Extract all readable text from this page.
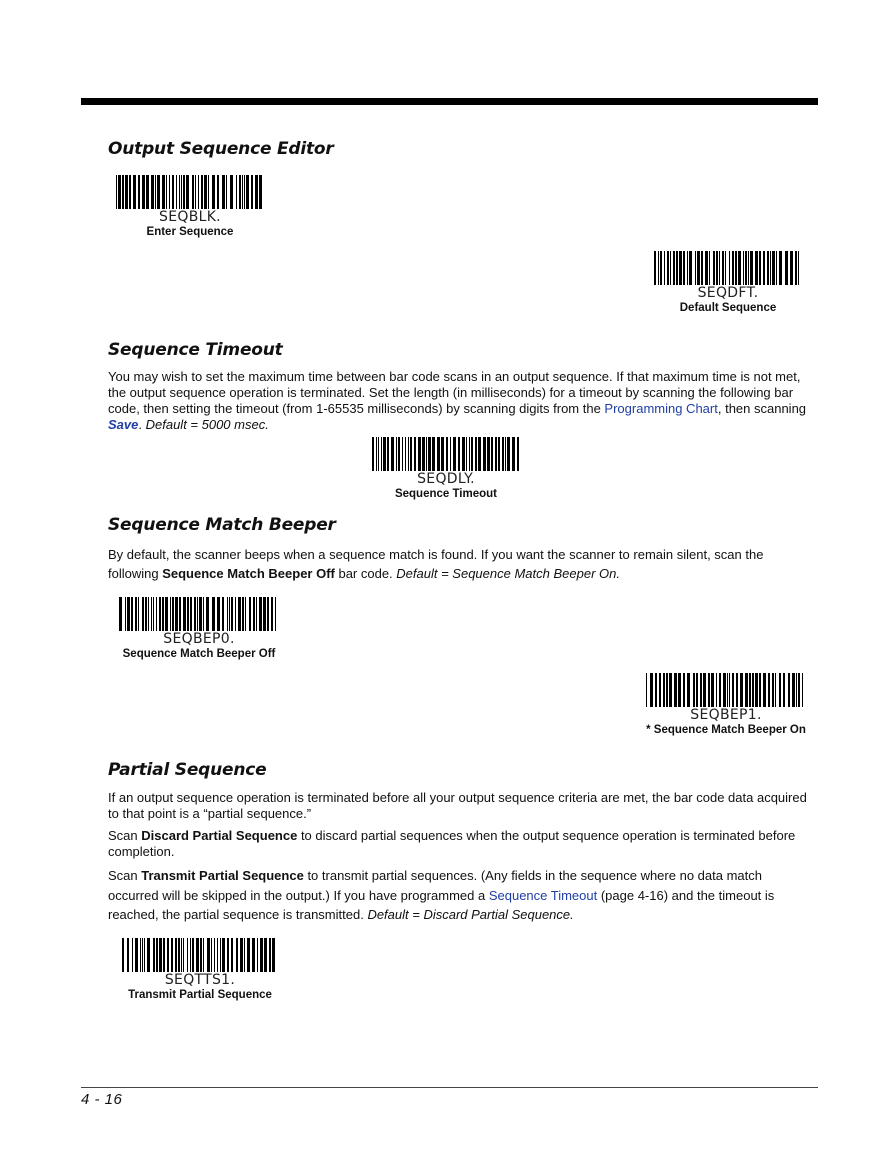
Output Sequence Editor
SEQBLK.
Enter Sequence
SEQDFT.
Default Sequence
Sequence Timeout
You may wish to set the maximum time between bar code scans in an output sequence. If that maximum time is not met, the output sequence operation is terminated. Set the length (in milliseconds) for a timeout by scanning the following bar code, then setting the timeout (from 1-65535 milliseconds) by scanning digits from the Programming Chart, then scanning Save. Default = 5000 msec.
SEQDLY.
Sequence Timeout
Sequence Match Beeper
By default, the scanner beeps when a sequence match is found. If you want the scanner to remain silent, scan the following Sequence Match Beeper Off bar code. Default = Sequence Match Beeper On.
SEQBEP0.
Sequence Match Beeper Off
SEQBEP1.
* Sequence Match Beeper On
Partial Sequence
If an output sequence operation is terminated before all your output sequence criteria are met, the bar code data acquired to that point is a “partial sequence.”
Scan Discard Partial Sequence to discard partial sequences when the output sequence operation is terminated before completion.
Scan Transmit Partial Sequence to transmit partial sequences. (Any fields in the sequence where no data match occurred will be skipped in the output.) If you have programmed a Sequence Timeout (page 4-16) and the timeout is reached, the partial sequence is transmitted. Default = Discard Partial Sequence.
SEQTTS1.
Transmit Partial Sequence
4 - 16
